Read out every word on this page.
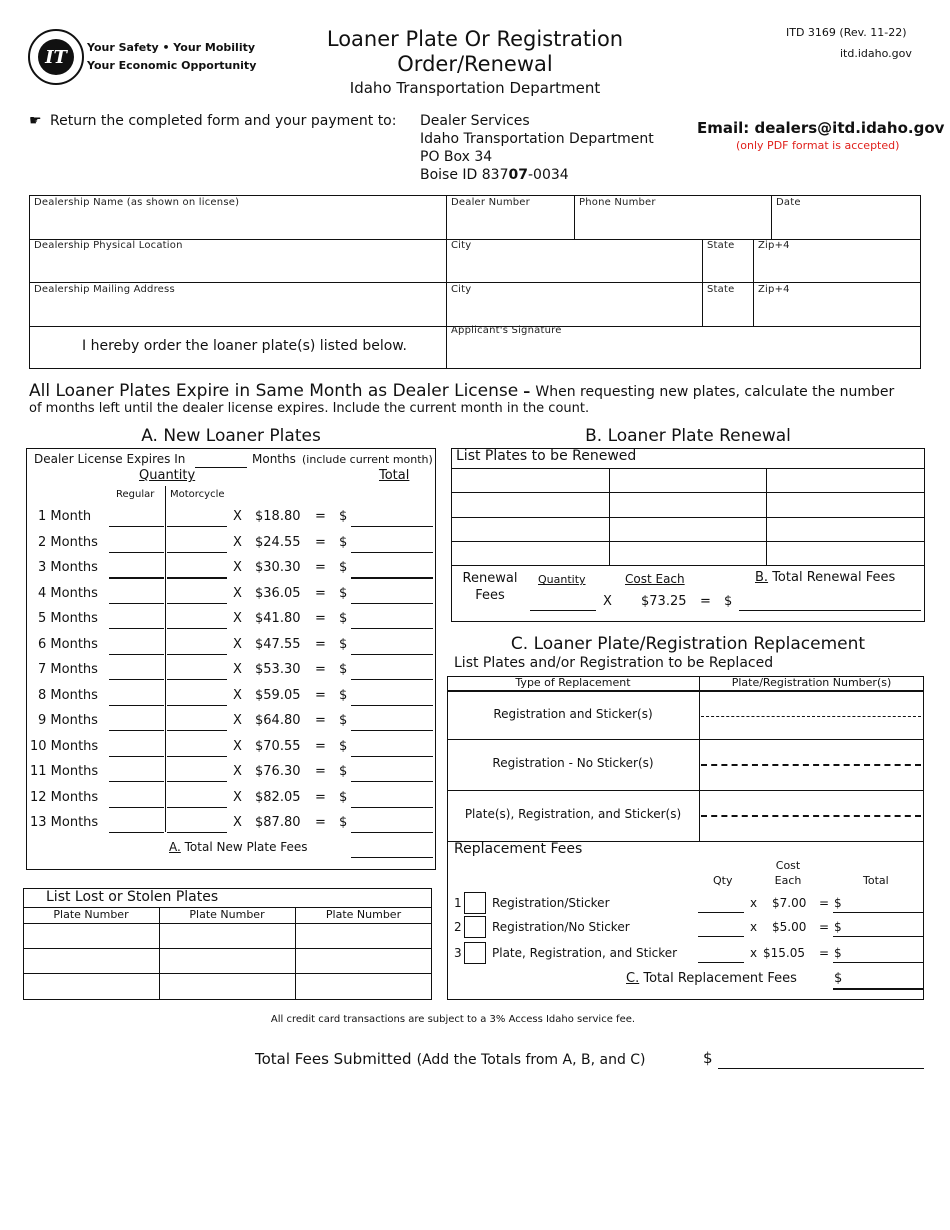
IT Your Safety • Your Mobility
Your Economic Opportunity
Loaner Plate Or Registration
Order/Renewal
Idaho Transportation Department
ITD 3169 (Rev. 11-22)
itd.idaho.gov
☛ Return the completed form and your payment to: Dealer Services
Idaho Transportation Department
PO Box 34
Boise ID 83707-0034
Email: dealers@itd.idaho.gov
(only PDF format is accepted)
Dealership Name (as shown on license)	Dealer Number	Phone Number	Date
Dealership Physical Location	City	State Zip+4
Dealership Mailing Address	City	State Zip+4
I hereby order the loaner plate(s) listed below.
Applicant's Signature
All Loaner Plates Expire in Same Month as Dealer License – When requesting new plates, calculate the number
of months left until the dealer license expires. Include the current month in the count.
A. New Loaner Plates
Dealer License Expires In	Months (include current month)
Quantity	Total
Regular Motorcycle
1 Month	X $18.80 = $
2 Months	X $24.55 = $
3 Months	X $30.30 = $
4 Months	X $36.05 = $
5 Months	X $41.80 = $
6 Months	X $47.55 = $
7 Months	X $53.30 = $
8 Months	X $59.05 = $
9 Months	X $64.80 = $
10 Months	X $70.55 = $
11 Months	X $76.30 = $
12 Months	X $82.05 = $
13 Months	X $87.80 = $
A. Total New Plate Fees
List Lost or Stolen Plates
Plate Number	Plate Number	Plate Number
B. Loaner Plate Renewal
List Plates to be Renewed
Renewal
Fees
Quantity	Cost Each	B. Total Renewal Fees
X $73.25 = $
C. Loaner Plate/Registration Replacement
List Plates and/or Registration to be Replaced
Type of Replacement	Plate/Registration Number(s)
Registration and Sticker(s)
Registration - No Sticker(s)
Plate(s), Registration, and Sticker(s)
Replacement Fees
Qty
Cost
Each	Total
1	Registration/Sticker	x $7.00 = $
2	Registration/No Sticker	x $5.00 = $
3	Plate, Registration, and Sticker	x $15.05 = $
C. Total Replacement Fees	$
All credit card transactions are subject to a 3% Access Idaho service fee.
Total Fees Submitted (Add the Totals from A, B, and C)	$
